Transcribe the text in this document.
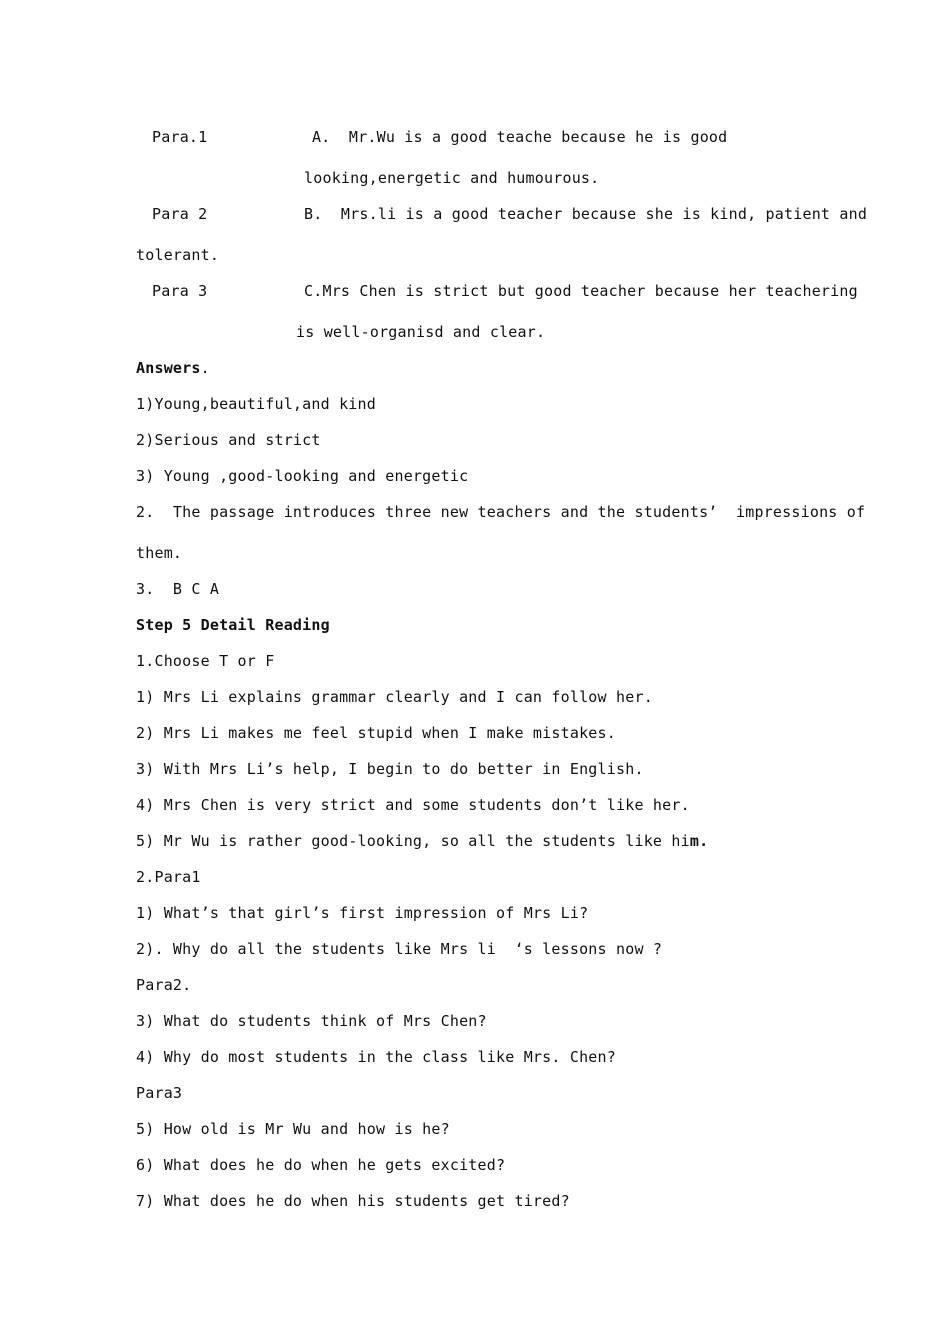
Para.1	A.  Mr.Wu is a good teache because he is good
looking,energetic and humourous.
Para 2	B.  Mrs.li is a good teacher because she is kind, patient and
tolerant.
Para 3	C.Mrs Chen is strict but good teacher because her teachering
is well-organisd and clear.
Answers.
1)Young,beautiful,and kind
2)Serious and strict
3) Young ,good-looking and energetic
2.  The passage introduces three new teachers and the students’  impressions of
them.
3.  B C A
Step 5 Detail Reading
1.Choose T or F
1) Mrs Li explains grammar clearly and I can follow her.
2) Mrs Li makes me feel stupid when I make mistakes.
3) With Mrs Li’s help, I begin to do better in English.
4) Mrs Chen is very strict and some students don’t like her.
5) Mr Wu is rather good-looking, so all the students like him.
2.Para1
1) What’s that girl’s first impression of Mrs Li?
2). Why do all the students like Mrs li  ‘s lessons now ?
Para2.
3) What do students think of Mrs Chen?
4) Why do most students in the class like Mrs. Chen?
Para3
5) How old is Mr Wu and how is he?
6) What does he do when he gets excited?
7) What does he do when his students get tired?
